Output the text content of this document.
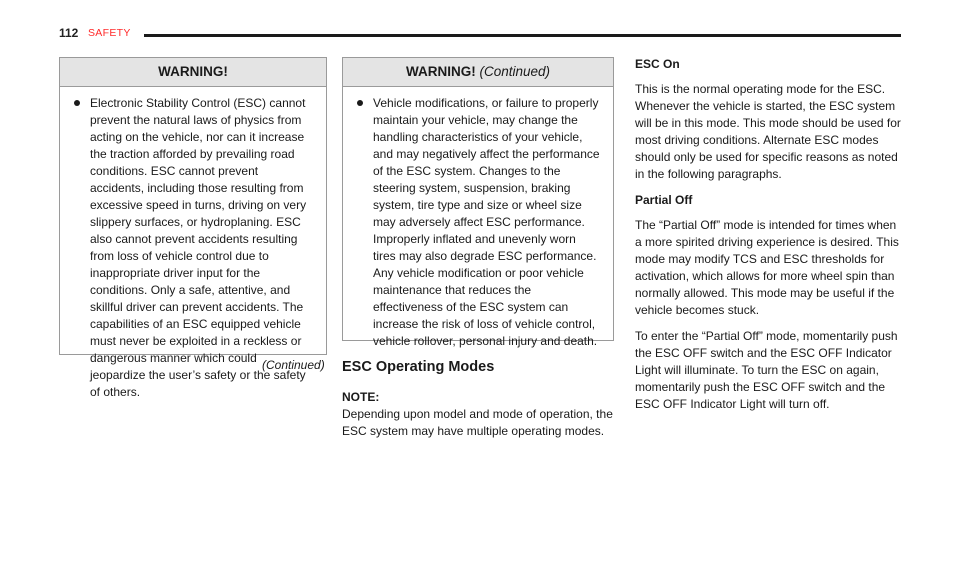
112 SAFETY
WARNING!
Electronic Stability Control (ESC) cannot prevent the natural laws of physics from acting on the vehicle, nor can it increase the traction afforded by prevailing road conditions. ESC cannot prevent accidents, including those resulting from excessive speed in turns, driving on very slippery surfaces, or hydroplaning. ESC also cannot prevent accidents resulting from loss of vehicle control due to inappropriate driver input for the conditions. Only a safe, attentive, and skillful driver can prevent accidents. The capabilities of an ESC equipped vehicle must never be exploited in a reckless or dangerous manner which could jeopardize the user’s safety or the safety of others.
(Continued)
WARNING! (Continued)
Vehicle modifications, or failure to properly maintain your vehicle, may change the handling characteristics of your vehicle, and may negatively affect the performance of the ESC system. Changes to the steering system, suspension, braking system, tire type and size or wheel size may adversely affect ESC performance. Improperly inflated and unevenly worn tires may also degrade ESC performance. Any vehicle modification or poor vehicle maintenance that reduces the effectiveness of the ESC system can increase the risk of loss of vehicle control, vehicle rollover, personal injury and death.
ESC Operating Modes
NOTE:
Depending upon model and mode of operation, the ESC system may have multiple operating modes.

ESC On

This is the normal operating mode for the ESC. Whenever the vehicle is started, the ESC system will be in this mode. This mode should be used for most driving conditions. Alternate ESC modes should only be used for specific reasons as noted in the following paragraphs.

Partial Off

The “Partial Off” mode is intended for times when a more spirited driving experience is desired. This mode may modify TCS and ESC thresholds for activation, which allows for more wheel spin than normally allowed. This mode may be useful if the vehicle becomes stuck.

To enter the “Partial Off” mode, momentarily push the ESC OFF switch and the ESC OFF Indicator Light will illuminate. To turn the ESC on again, momentarily push the ESC OFF switch and the ESC OFF Indicator Light will turn off.
